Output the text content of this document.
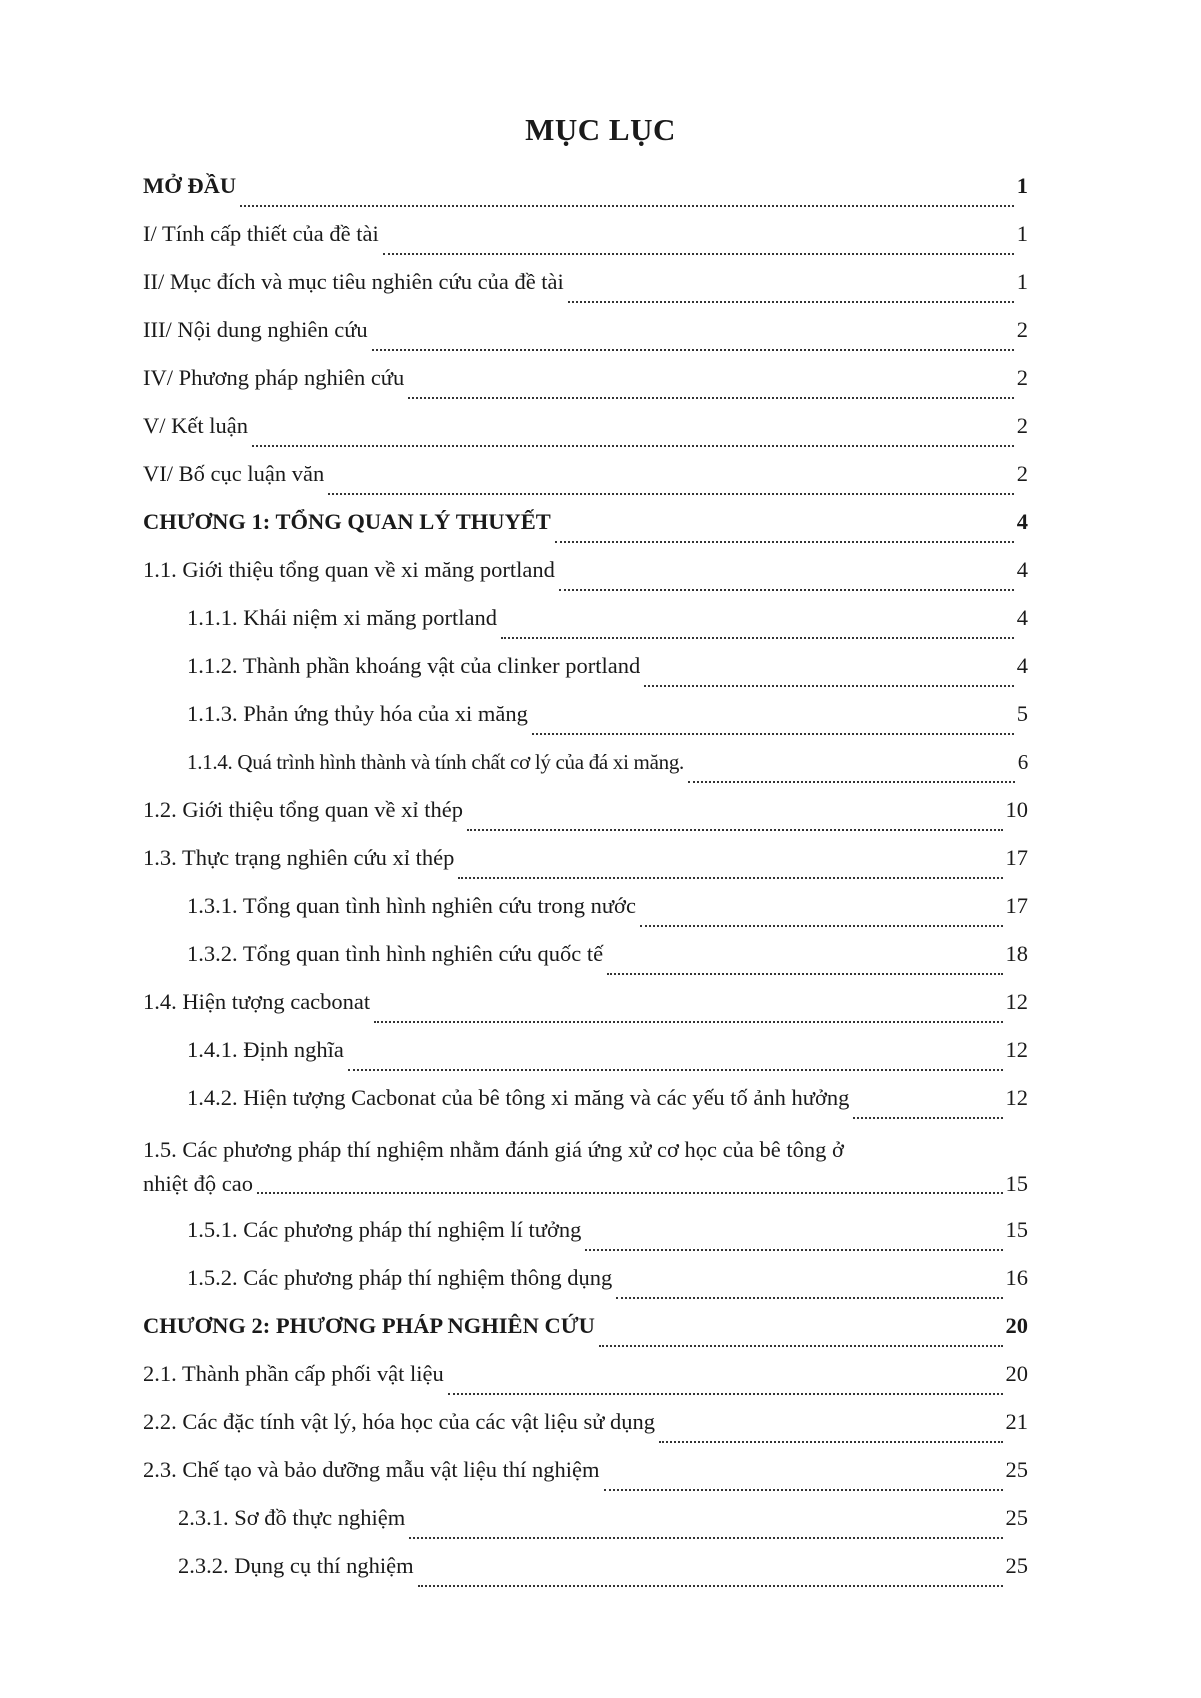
MỤC LỤC
MỞ ĐẦU	1
I/ Tính cấp thiết của đề tài	1
II/ Mục đích và mục tiêu nghiên cứu của đề tài	1
III/ Nội dung nghiên cứu	2
IV/ Phương pháp nghiên cứu	2
V/ Kết luận	2
VI/ Bố cục luận văn	2
CHƯƠNG 1: TỔNG QUAN LÝ THUYẾT	4
1.1. Giới thiệu tổng quan về xi măng portland	4
1.1.1. Khái niệm xi măng portland	4
1.1.2. Thành phần khoáng vật của clinker portland	4
1.1.3. Phản ứng thủy hóa của xi măng	5
1.1.4. Quá trình hình thành và tính chất cơ lý của đá xi măng.	6
1.2. Giới thiệu tổng quan về xỉ thép	10
1.3. Thực trạng nghiên cứu xỉ thép	17
1.3.1. Tổng quan tình hình nghiên cứu trong nước	17
1.3.2. Tổng quan tình hình nghiên cứu quốc tế	18
1.4. Hiện tượng cacbonat	12
1.4.1. Định nghĩa	12
1.4.2. Hiện tượng Cacbonat của bê tông xi măng và các yếu tố ảnh hưởng	12
1.5. Các phương pháp thí nghiệm nhằm đánh giá ứng xử cơ học của bê tông ở
nhiệt độ cao	15
1.5.1. Các phương pháp thí nghiệm lí tưởng	15
1.5.2. Các phương pháp thí nghiệm thông dụng	16
CHƯƠNG 2: PHƯƠNG PHÁP NGHIÊN CỨU	20
2.1. Thành phần cấp phối vật liệu	20
2.2. Các đặc tính vật lý, hóa học của các vật liệu sử dụng	21
2.3. Chế tạo và bảo dưỡng mẫu vật liệu thí nghiệm	25
2.3.1. Sơ đồ thực nghiệm	25
2.3.2. Dụng cụ thí nghiệm	25
